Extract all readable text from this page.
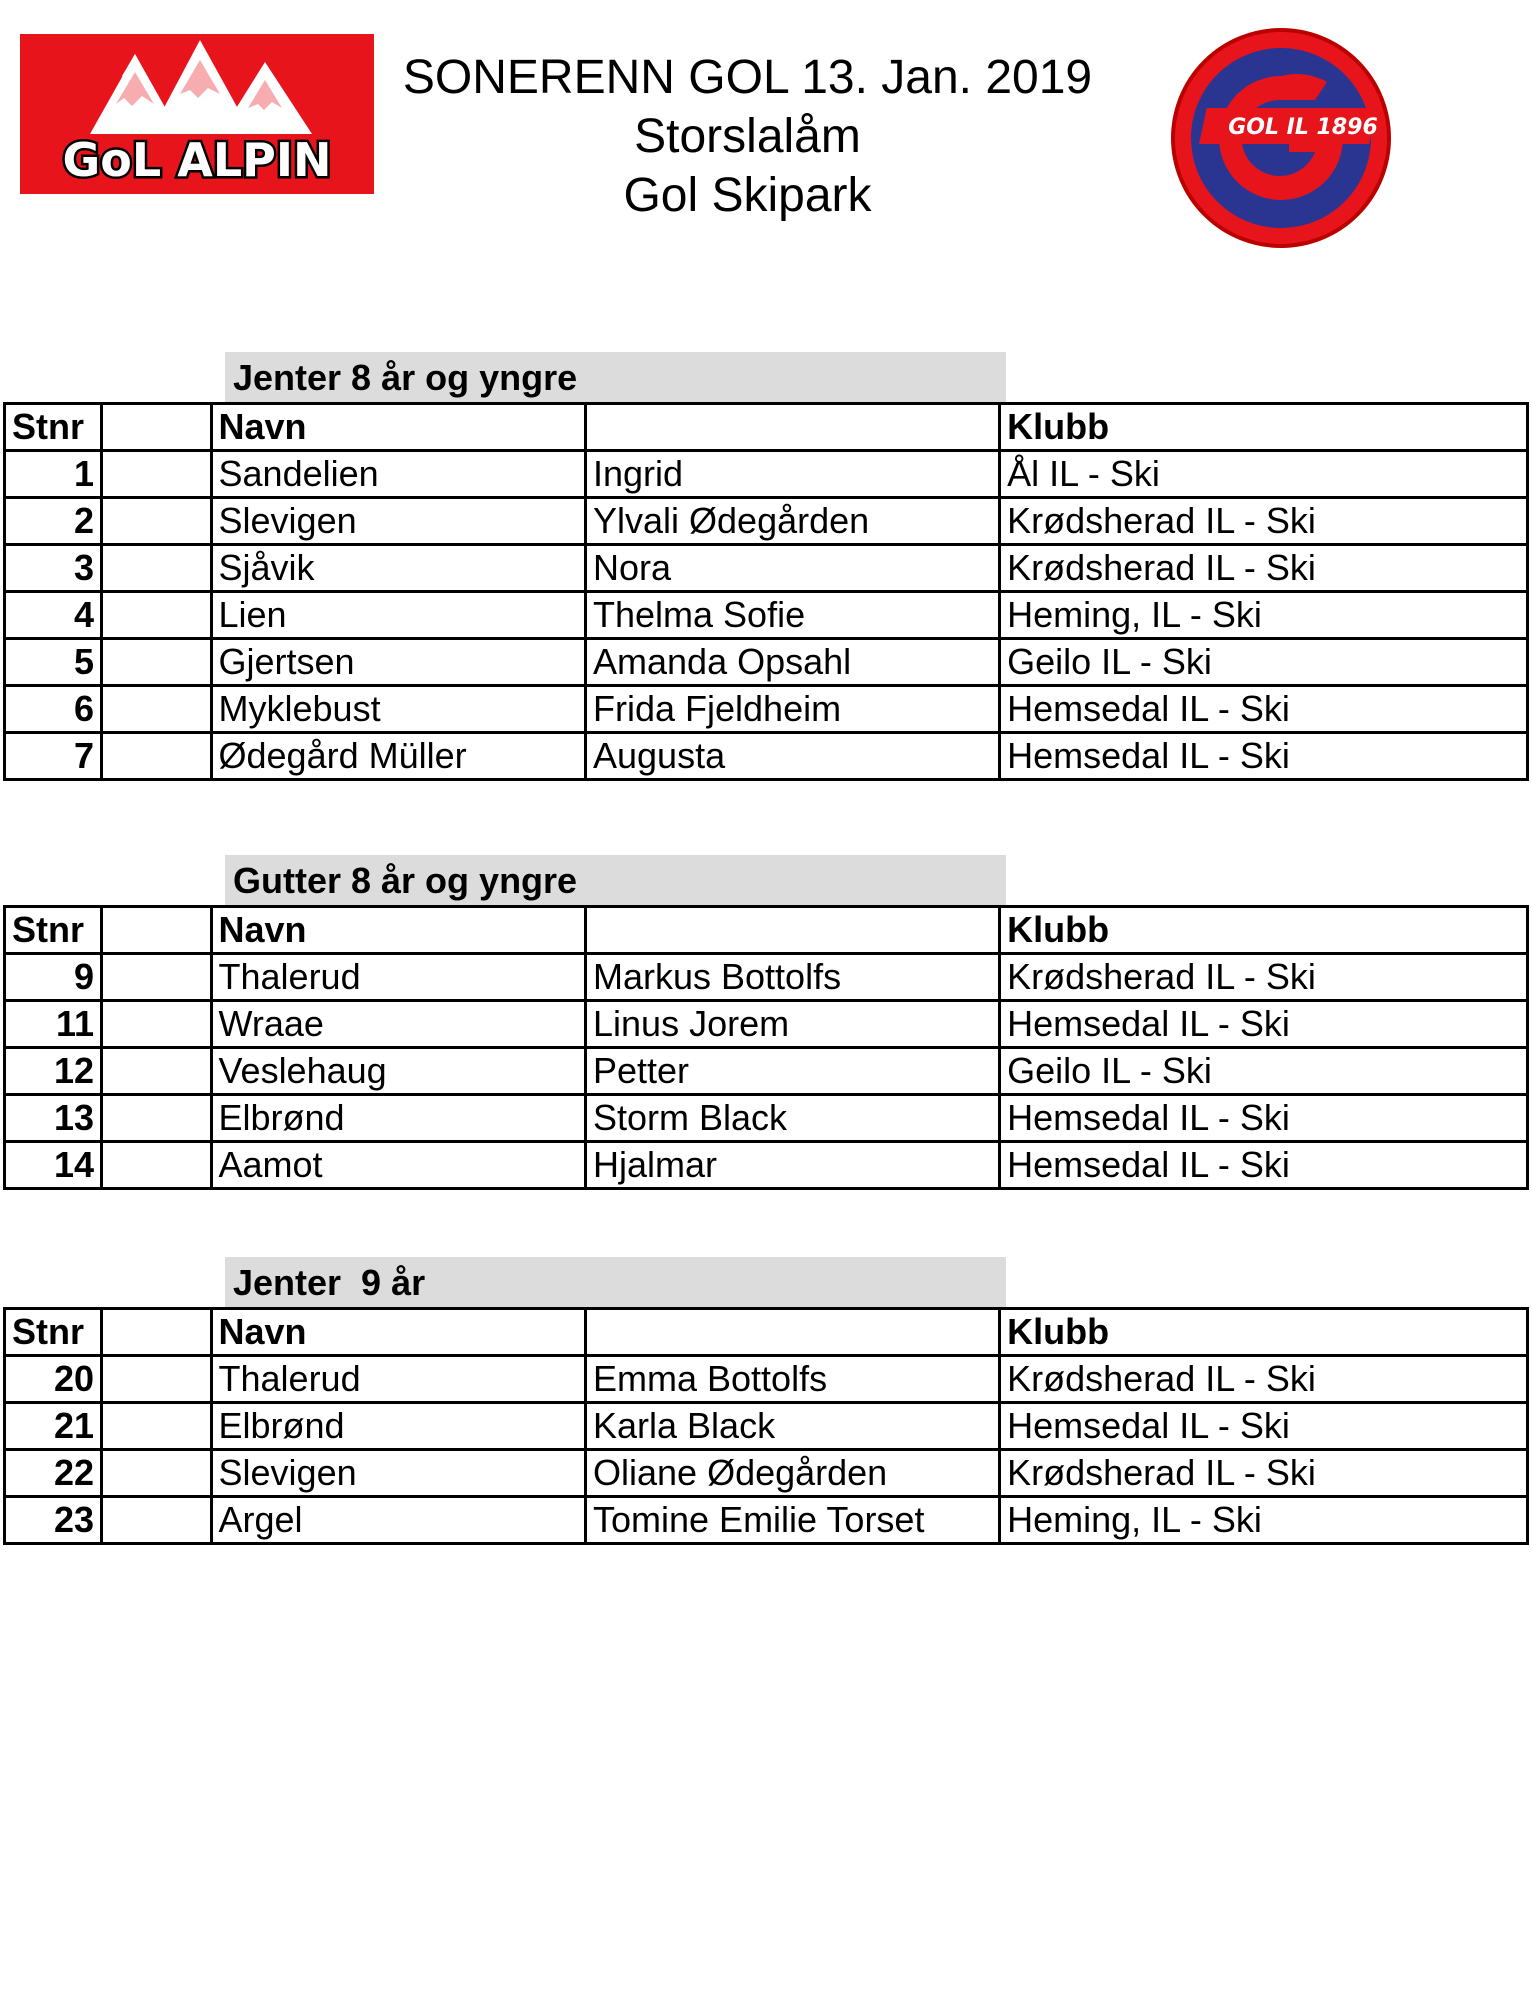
GoL ALPIN
SONERENN GOL 13. Jan. 2019
Storslalåm
Gol Skipark
GOL IL 1896
Jenter 8 år og yngre
Stnr		Navn		Klubb
1		Sandelien	Ingrid	Ål IL - Ski
2		Slevigen	Ylvali Ødegården	Krødsherad IL - Ski
3		Sjåvik	Nora	Krødsherad IL - Ski
4		Lien	Thelma Sofie	Heming, IL - Ski
5		Gjertsen	Amanda Opsahl	Geilo IL - Ski
6		Myklebust	Frida Fjeldheim	Hemsedal IL - Ski
7		Ødegård Müller	Augusta	Hemsedal IL - Ski
Gutter 8 år og yngre
Stnr		Navn		Klubb
9		Thalerud	Markus Bottolfs	Krødsherad IL - Ski
11		Wraae	Linus Jorem	Hemsedal IL - Ski
12		Veslehaug	Petter	Geilo IL - Ski
13		Elbrønd	Storm Black	Hemsedal IL - Ski
14		Aamot	Hjalmar	Hemsedal IL - Ski
Jenter  9 år
Stnr		Navn		Klubb
20		Thalerud	Emma Bottolfs	Krødsherad IL - Ski
21		Elbrønd	Karla Black	Hemsedal IL - Ski
22		Slevigen	Oliane Ødegården	Krødsherad IL - Ski
23		Argel	Tomine Emilie Torset	Heming, IL - Ski
